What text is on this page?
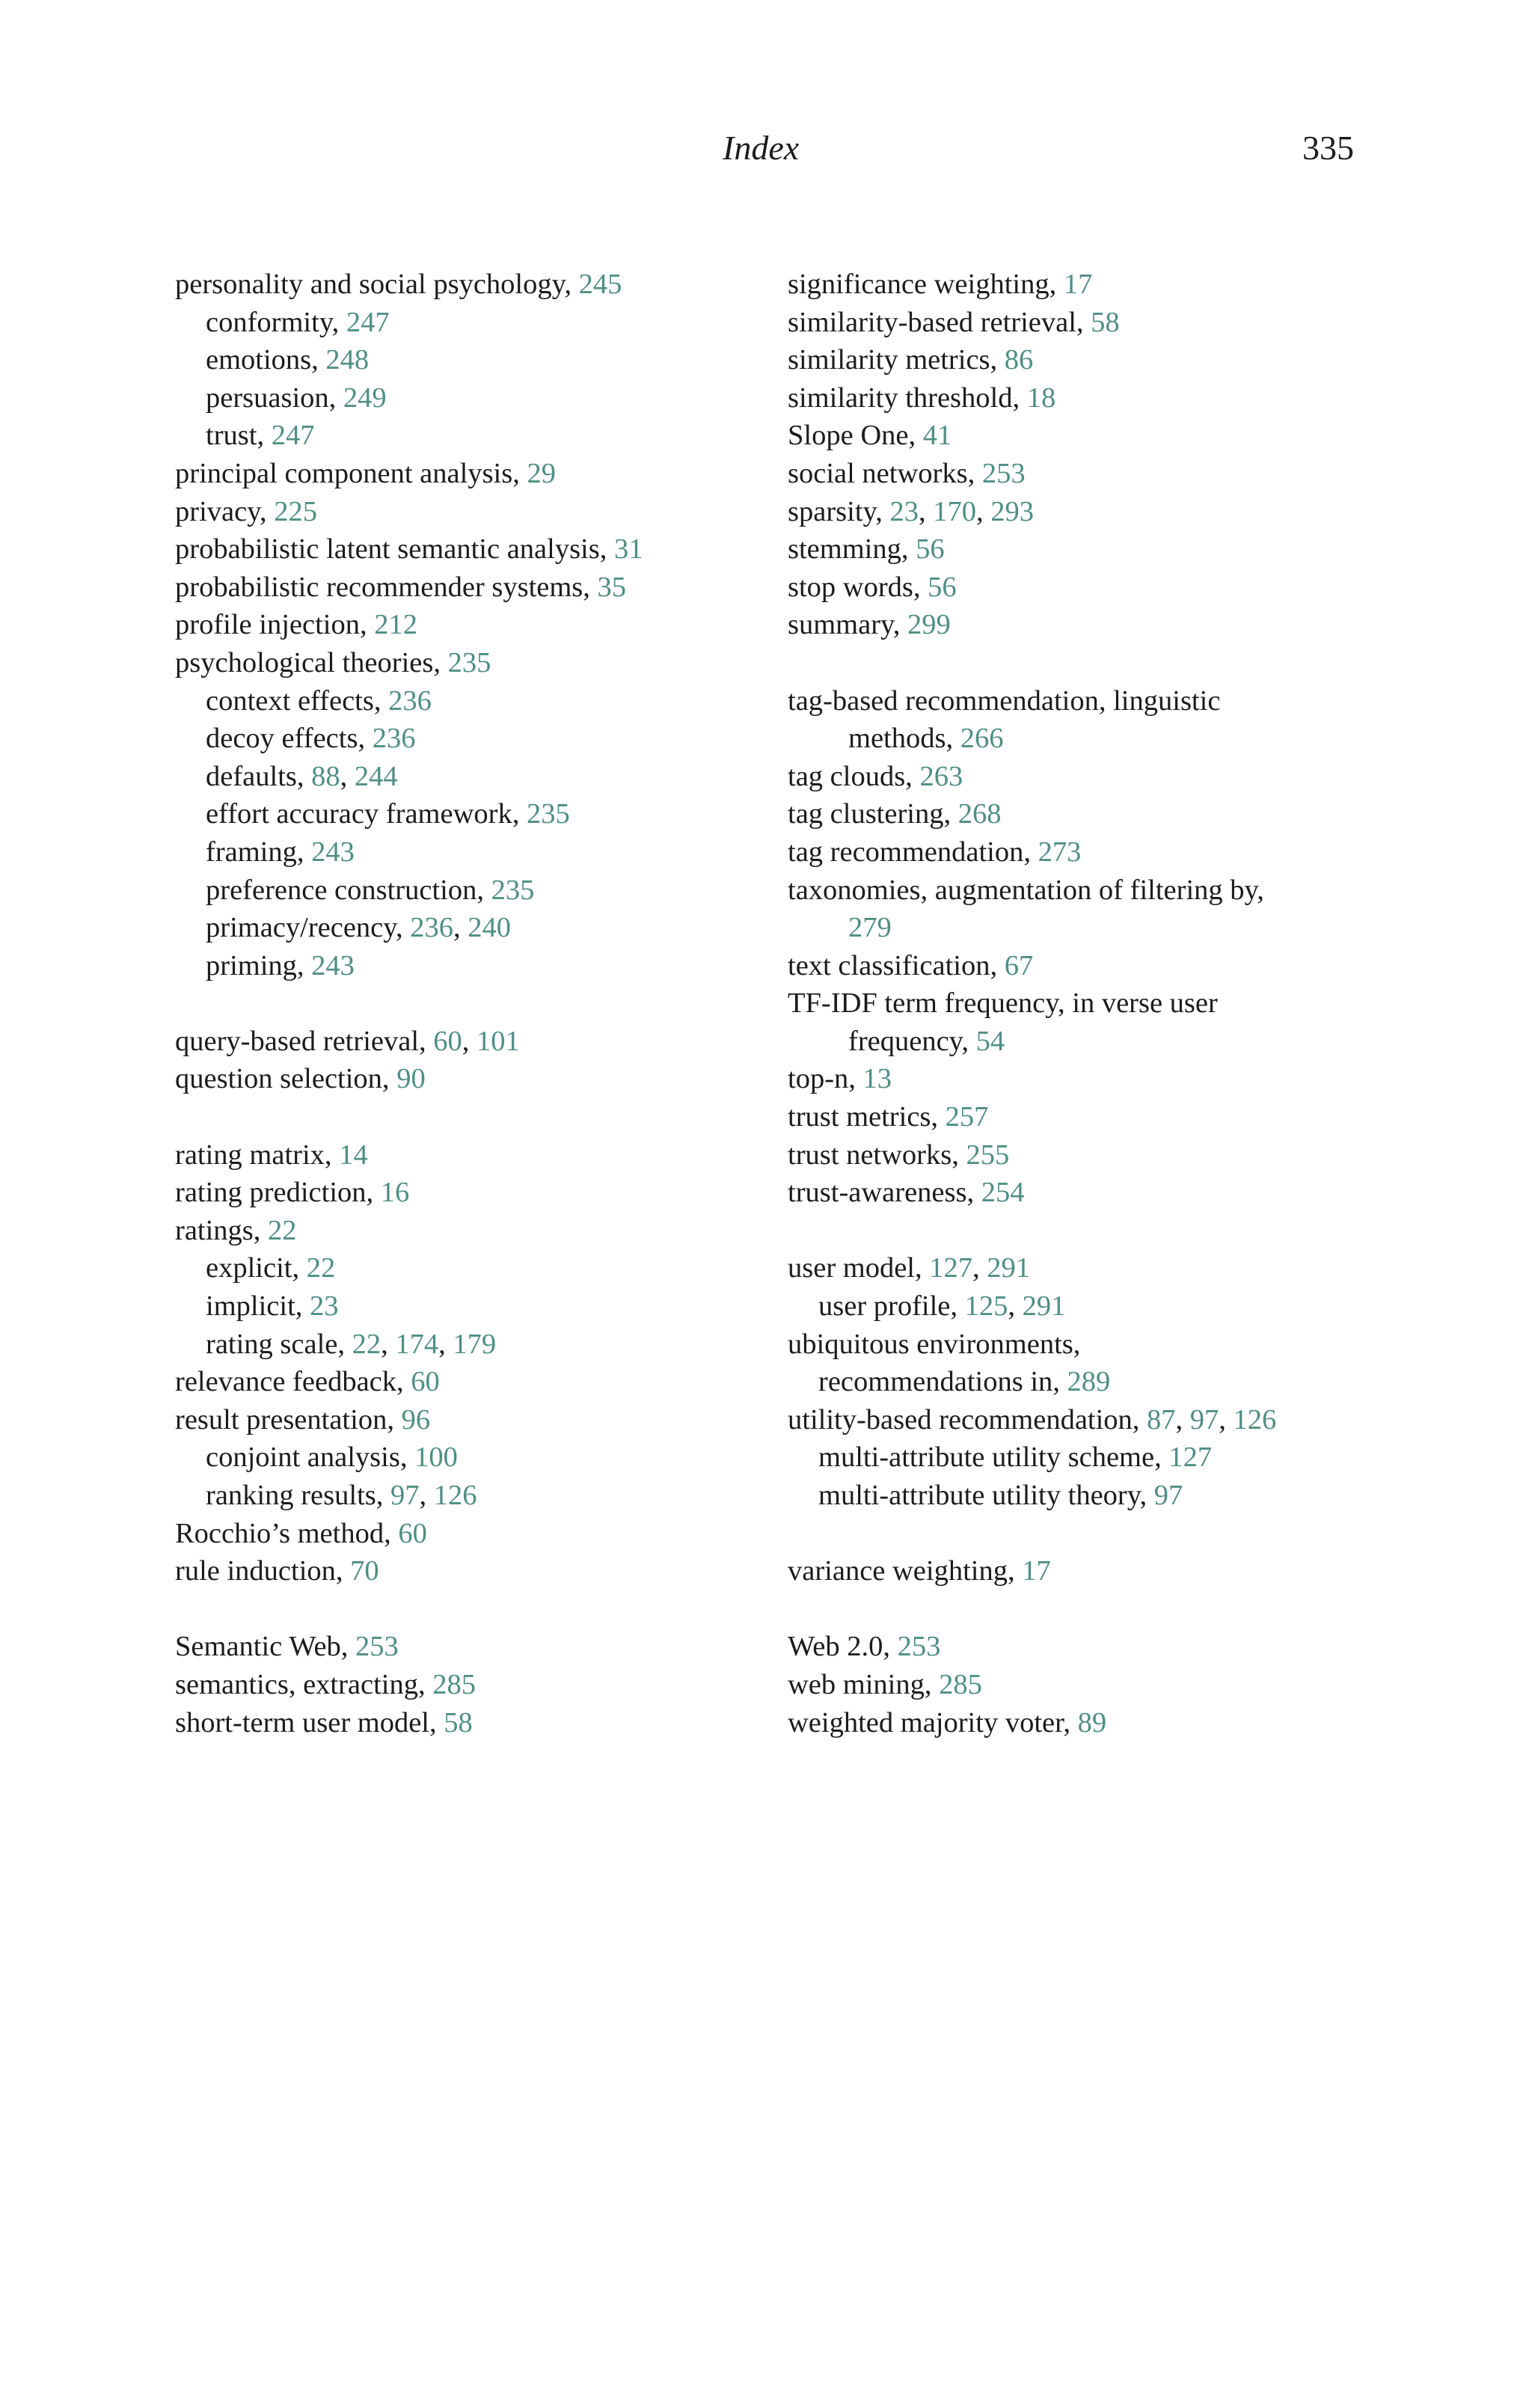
Index	335
personality and social psychology, 245
conformity, 247
emotions, 248
persuasion, 249
trust, 247
principal component analysis, 29
privacy, 225
probabilistic latent semantic analysis, 31
probabilistic recommender systems, 35
profile injection, 212
psychological theories, 235
context effects, 236
decoy effects, 236
defaults, 88, 244
effort accuracy framework, 235
framing, 243
preference construction, 235
primacy/recency, 236, 240
priming, 243
query-based retrieval, 60, 101
question selection, 90
rating matrix, 14
rating prediction, 16
ratings, 22
explicit, 22
implicit, 23
rating scale, 22, 174, 179
relevance feedback, 60
result presentation, 96
conjoint analysis, 100
ranking results, 97, 126
Rocchio’s method, 60
rule induction, 70
Semantic Web, 253
semantics, extracting, 285
short-term user model, 58
significance weighting, 17
similarity-based retrieval, 58
similarity metrics, 86
similarity threshold, 18
Slope One, 41
social networks, 253
sparsity, 23, 170, 293
stemming, 56
stop words, 56
summary, 299
tag-based recommendation, linguistic
methods, 266
tag clouds, 263
tag clustering, 268
tag recommendation, 273
taxonomies, augmentation of filtering by,
279
text classification, 67
TF-IDF term frequency, in verse user
frequency, 54
top-n, 13
trust metrics, 257
trust networks, 255
trust-awareness, 254
user model, 127, 291
user profile, 125, 291
ubiquitous environments,
recommendations in, 289
utility-based recommendation, 87, 97, 126
multi-attribute utility scheme, 127
multi-attribute utility theory, 97
variance weighting, 17
Web 2.0, 253
web mining, 285
weighted majority voter, 89
